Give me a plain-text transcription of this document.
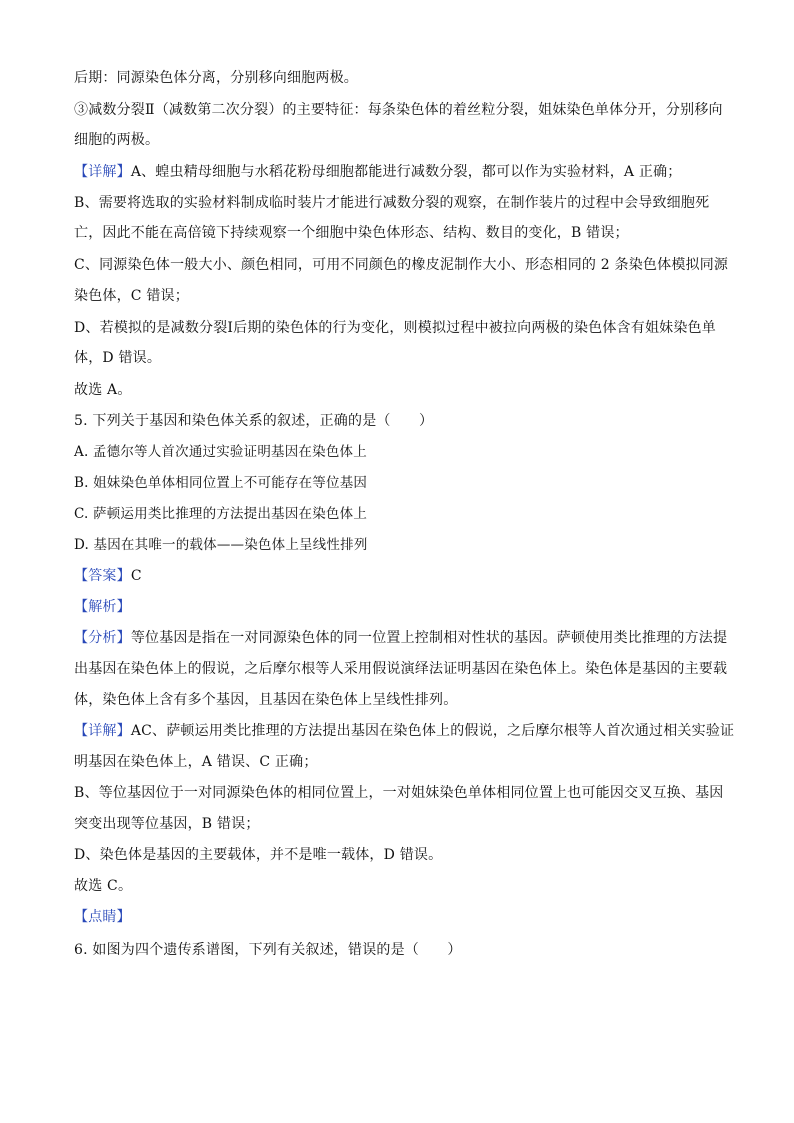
后期：同源染色体分离，分别移向细胞两极。
③减数分裂Ⅱ（减数第二次分裂）的主要特征：每条染色体的着丝粒分裂，姐妹染色单体分开，分别移向
细胞的两极。
【详解】A、蝗虫精母细胞与水稻花粉母细胞都能进行减数分裂，都可以作为实验材料，A 正确；
B、需要将选取的实验材料制成临时装片才能进行减数分裂的观察，在制作装片的过程中会导致细胞死
亡，因此不能在高倍镜下持续观察一个细胞中染色体形态、结构、数目的变化，B 错误；
C、同源染色体一般大小、颜色相同，可用不同颜色的橡皮泥制作大小、形态相同的 2 条染色体模拟同源
染色体，C 错误；
D、若模拟的是减数分裂Ⅰ后期的染色体的行为变化，则模拟过程中被拉向两极的染色体含有姐妹染色单
体，D 错误。
故选 A。
5. 下列关于基因和染色体关系的叙述，正确的是（　　）
A. 孟德尔等人首次通过实验证明基因在染色体上
B. 姐妹染色单体相同位置上不可能存在等位基因
C. 萨顿运用类比推理的方法提出基因在染色体上
D. 基因在其唯一的载体——染色体上呈线性排列
【答案】C
【解析】
【分析】等位基因是指在一对同源染色体的同一位置上控制相对性状的基因。萨顿使用类比推理的方法提
出基因在染色体上的假说，之后摩尔根等人采用假说演绎法证明基因在染色体上。染色体是基因的主要载
体，染色体上含有多个基因，且基因在染色体上呈线性排列。
【详解】AC、萨顿运用类比推理的方法提出基因在染色体上的假说，之后摩尔根等人首次通过相关实验证
明基因在染色体上，A 错误、C 正确；
B、等位基因位于一对同源染色体的相同位置上，一对姐妹染色单体相同位置上也可能因交叉互换、基因
突变出现等位基因，B 错误；
D、染色体是基因的主要载体，并不是唯一载体，D 错误。
故选 C。
【点睛】
6. 如图为四个遗传系谱图，下列有关叙述，错误的是（　　）
